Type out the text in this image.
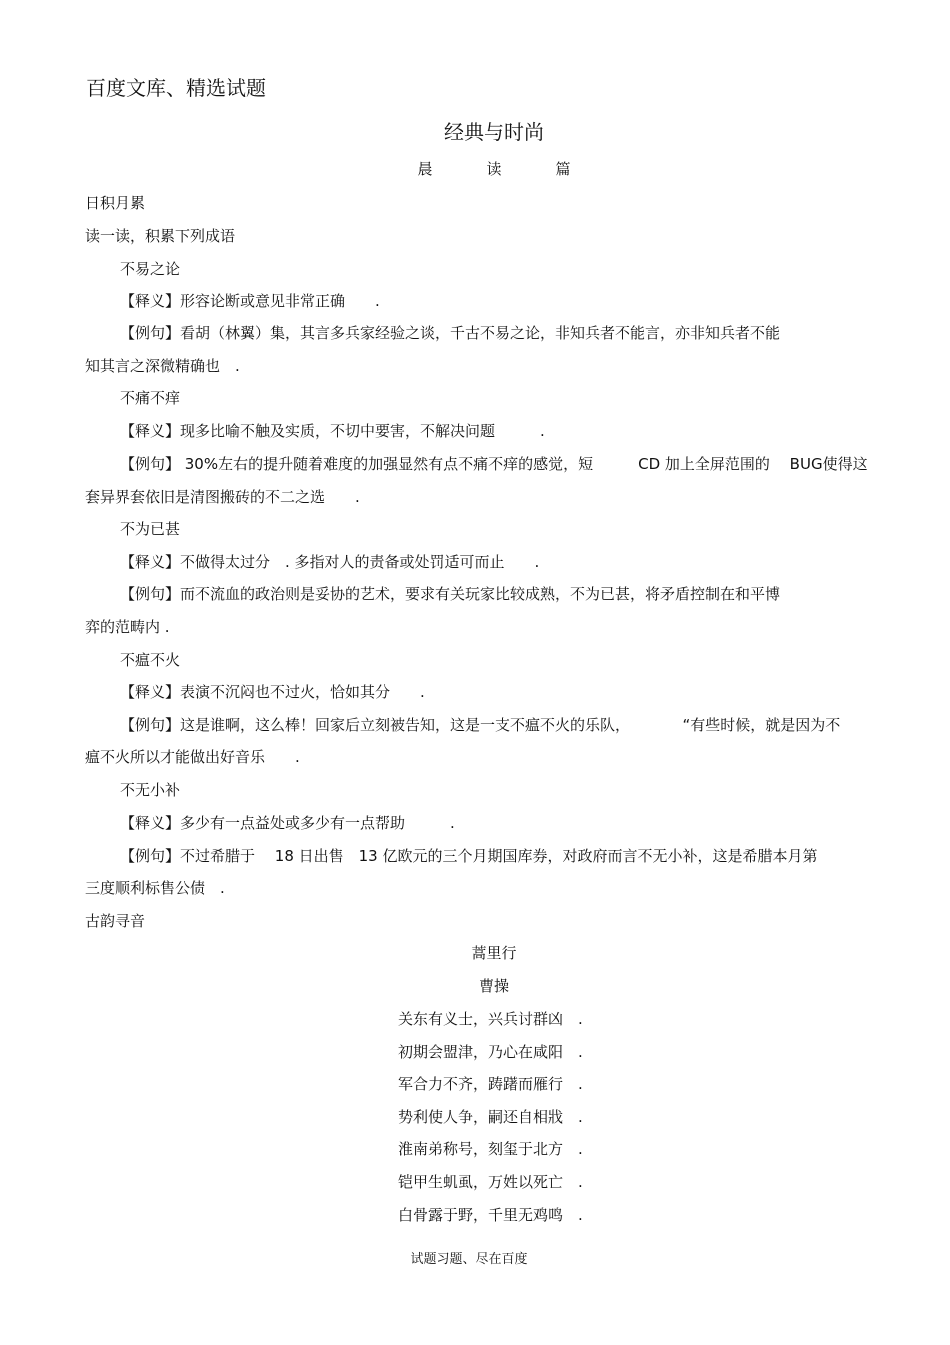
百度文库、精选试题
经典与时尚
晨	读	篇
日积月累
读一读，积累下列成语
不易之论
【释义】形容论断或意见非常正确　　.
【例句】看胡（林翼）集，其言多兵家经验之谈，千古不易之论，非知兵者不能言，亦非知兵者不能
知其言之深微精确也　.
不痛不痒
【释义】现多比喻不触及实质，不切中要害，不解决问题　　　.
【例句】 30%左右的提升随着难度的加强显然有点不痛不痒的感觉，短　　　CD 加上全屏范围的　 BUG使得这
套异界套依旧是清图搬砖的不二之选　　.
不为已甚
【释义】不做得太过分　. 多指对人的责备或处罚适可而止　　.
【例句】而不流血的政治则是妥协的艺术，要求有关玩家比较成熟，不为已甚，将矛盾控制在和平博
弈的范畴内 .
不瘟不火
【释义】表演不沉闷也不过火，恰如其分　　.
【例句】这是谁啊，这么棒！回家后立刻被告知，这是一支不瘟不火的乐队，　　　　“有些时候，就是因为不
瘟不火所以才能做出好音乐　　.
不无小补
【释义】多少有一点益处或多少有一点帮助　　　.
【例句】不过希腊于　 18 日出售　13 亿欧元的三个月期国库券，对政府而言不无小补，这是希腊本月第
三度顺利标售公债　.
古韵寻音
蒿里行
曹操
关东有义士，兴兵讨群凶　.
初期会盟津，乃心在咸阳　.
军合力不齐，踌躇而雁行　.
势利使人争，嗣还自相戕　.
淮南弟称号，刻玺于北方　.
铠甲生虮虱，万姓以死亡　.
白骨露于野，千里无鸡鸣　.
试题习题、尽在百度
